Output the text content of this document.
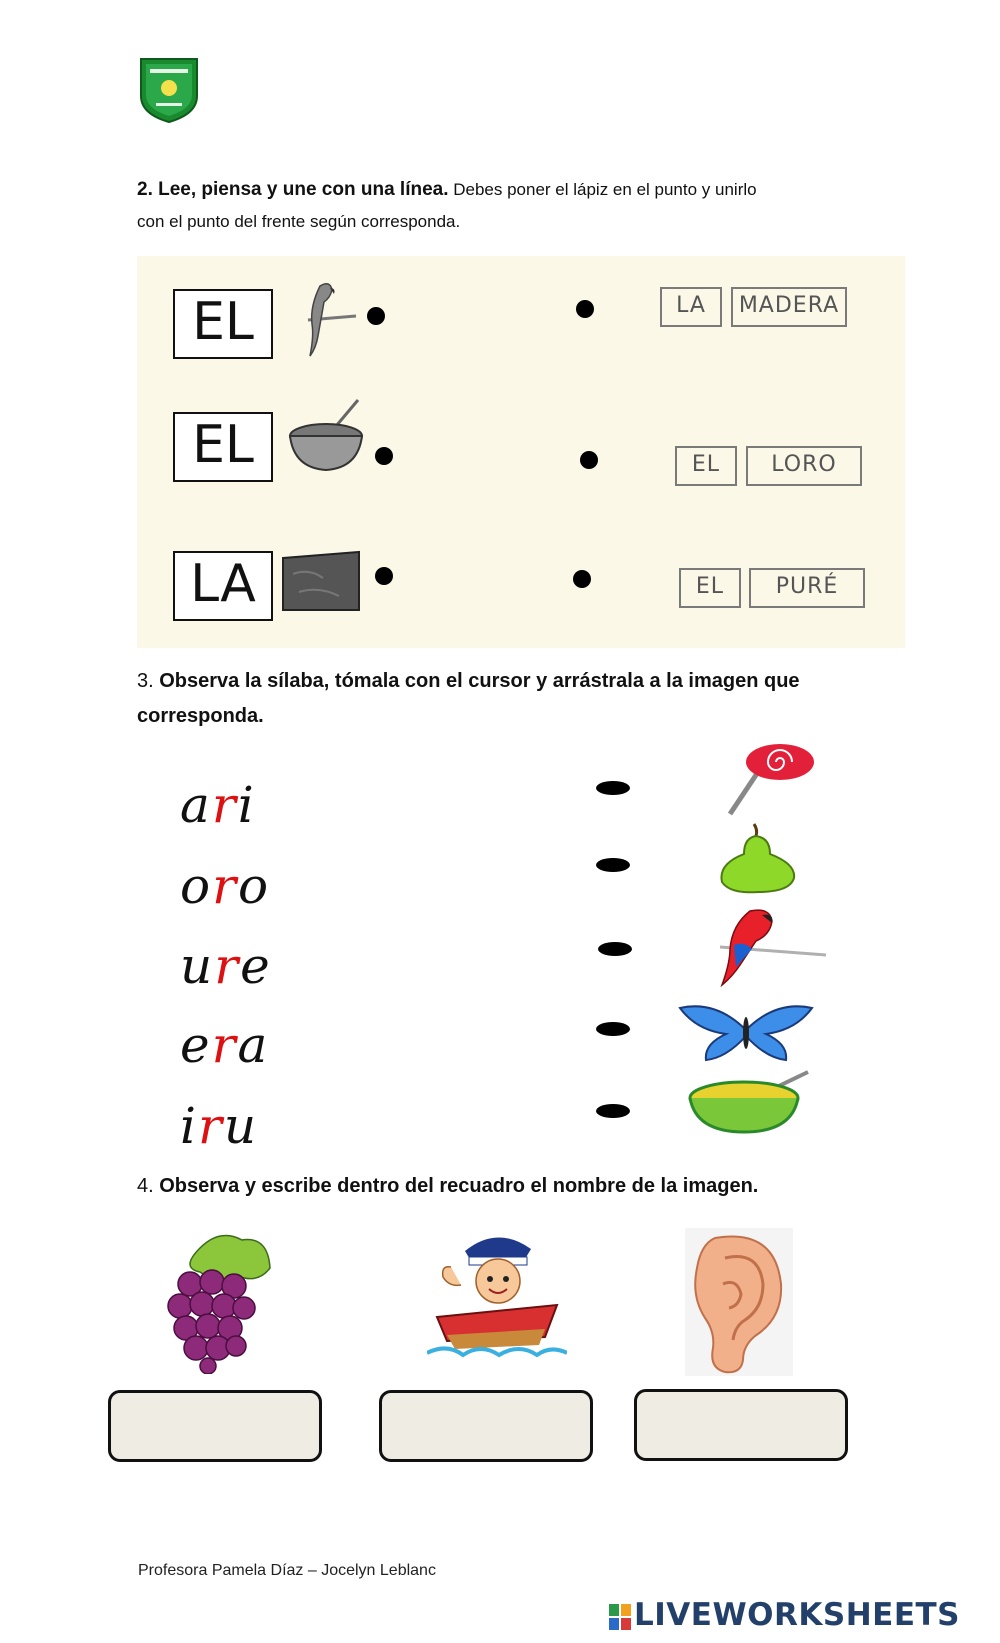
2. Lee, piensa y une con una línea. Debes poner el lápiz en el punto y unirlo
con el punto del frente según corresponda.
EL	LA	MADERA
EL	EL	LORO
LA	EL	PURÉ
3. Observa la sílaba, tómala con el cursor y arrástrala a la imagen que
corresponda.
ari
oro
ure
era
iru
4. Observa y escribe dentro del recuadro el nombre de la imagen.
Profesora Pamela Díaz – Jocelyn Leblanc
LIVEWORKSHEETS
